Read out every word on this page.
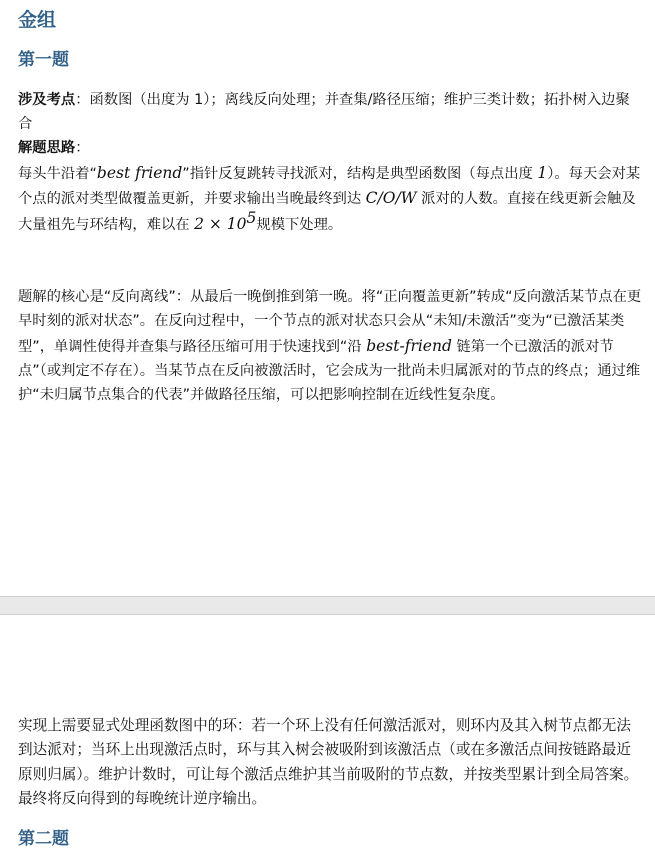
金组
第一题

涉及考点：函数图（出度为 1）；离线反向处理；并查集/路径压缩；维护三类计数；拓扑树入边聚合

解题思路：

每头牛沿着“best friend”指针反复跳转寻找派对，结构是典型函数图（每点出度 1）。每天会对某个点的派对类型做覆盖更新，并要求输出当晚最终到达 C/O/W 派对的人数。直接在线更新会触及大量祖先与环结构，难以在 $2 \times 10^5$规模下处理。

题解的核心是“反向离线”：从最后一晚倒推到第一晚。将“正向覆盖更新”转成“反向激活某节点在更早时刻的派对状态”。在反向过程中，一个节点的派对状态只会从“未知/未激活”变为“已激活某类型”，单调性使得并查集与路径压缩可用于快速找到“沿 best-friend 链第一个已激活的派对节点”（或判定不存在）。当某节点在反向被激活时，它会成为一批尚未归属派对的节点的终点；通过维护“未归属节点集合的代表”并做路径压缩，可以把影响控制在近线性复杂度。

实现上需要显式处理函数图中的环：若一个环上没有任何激活派对，则环内及其入树节点都无法到达派对；当环上出现激活点时，环与其入树会被吸附到该激活点（或在多激活点间按链路最近原则归属）。维护计数时，可让每个激活点维护其当前吸附的节点数，并按类型累计到全局答案。最终将反向得到的每晚统计逆序输出。

第二题
